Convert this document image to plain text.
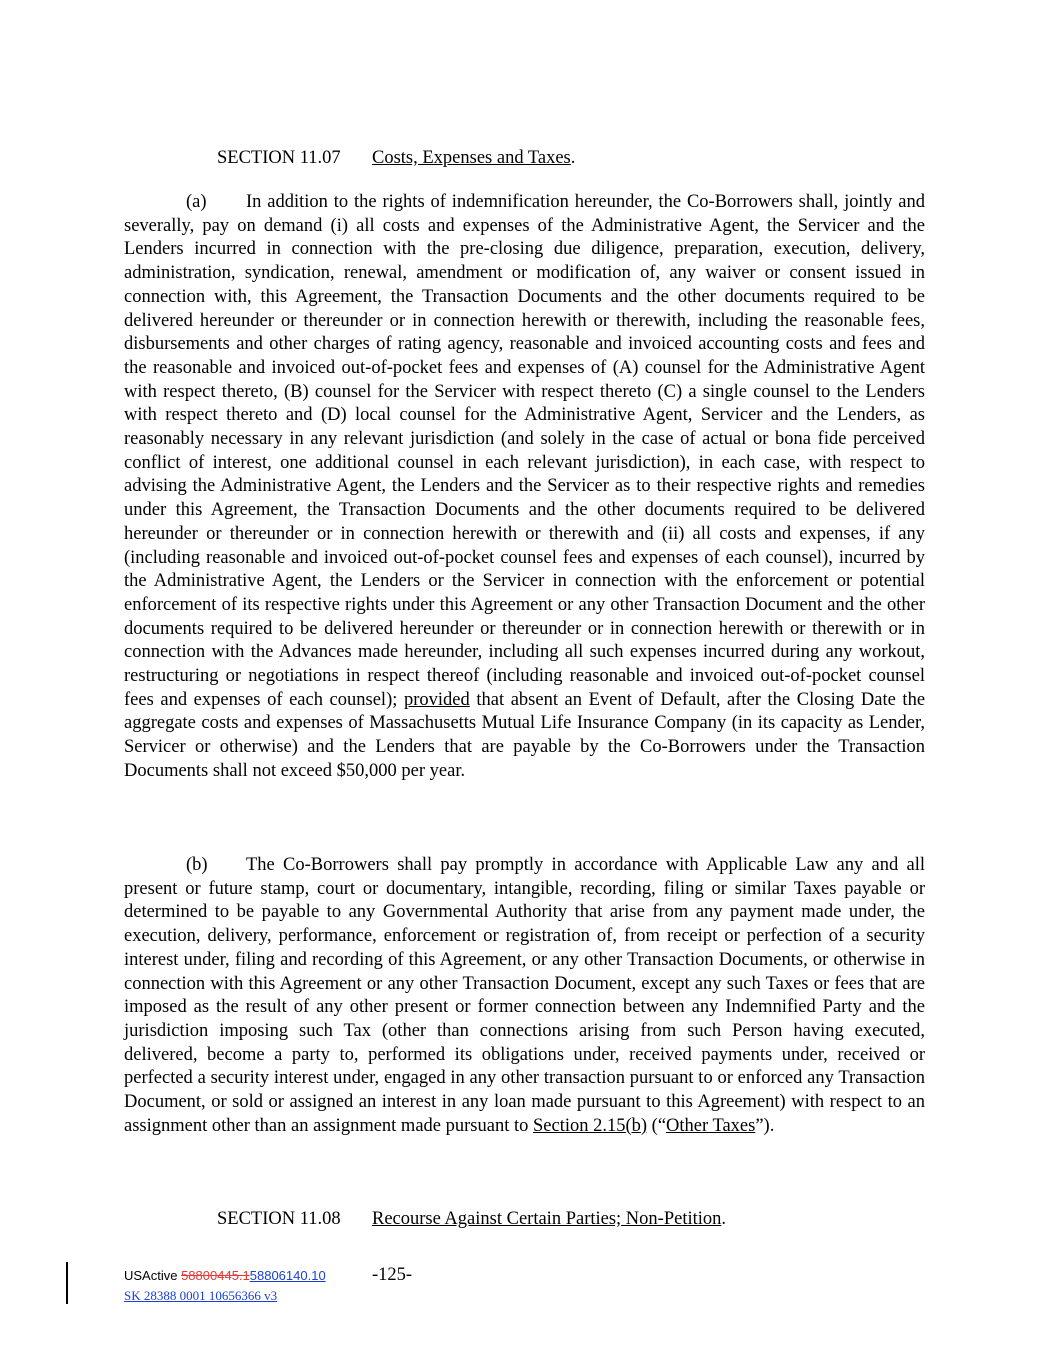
SECTION 11.07 Costs, Expenses and Taxes.
(a) In addition to the rights of indemnification hereunder, the Co-Borrowers shall, jointly and severally, pay on demand (i) all costs and expenses of the Administrative Agent, the Servicer and the Lenders incurred in connection with the pre-closing due diligence, preparation, execution, delivery, administration, syndication, renewal, amendment or modification of, any waiver or consent issued in connection with, this Agreement, the Transaction Documents and the other documents required to be delivered hereunder or thereunder or in connection herewith or therewith, including the reasonable fees, disbursements and other charges of rating agency, reasonable and invoiced accounting costs and fees and the reasonable and invoiced out-of-pocket fees and expenses of (A) counsel for the Administrative Agent with respect thereto, (B) counsel for the Servicer with respect thereto (C) a single counsel to the Lenders with respect thereto and (D) local counsel for the Administrative Agent, Servicer and the Lenders, as reasonably necessary in any relevant jurisdiction (and solely in the case of actual or bona fide perceived conflict of interest, one additional counsel in each relevant jurisdiction), in each case, with respect to advising the Administrative Agent, the Lenders and the Servicer as to their respective rights and remedies under this Agreement, the Transaction Documents and the other documents required to be delivered hereunder or thereunder or in connection herewith or therewith and (ii) all costs and expenses, if any (including reasonable and invoiced out-of-pocket counsel fees and expenses of each counsel), incurred by the Administrative Agent, the Lenders or the Servicer in connection with the enforcement or potential enforcement of its respective rights under this Agreement or any other Transaction Document and the other documents required to be delivered hereunder or thereunder or in connection herewith or therewith or in connection with the Advances made hereunder, including all such expenses incurred during any workout, restructuring or negotiations in respect thereof (including reasonable and invoiced out-of-pocket counsel fees and expenses of each counsel); provided that absent an Event of Default, after the Closing Date the aggregate costs and expenses of Massachusetts Mutual Life Insurance Company (in its capacity as Lender, Servicer or otherwise) and the Lenders that are payable by the Co-Borrowers under the Transaction Documents shall not exceed $50,000 per year.
(b) The Co-Borrowers shall pay promptly in accordance with Applicable Law any and all present or future stamp, court or documentary, intangible, recording, filing or similar Taxes payable or determined to be payable to any Governmental Authority that arise from any payment made under, the execution, delivery, performance, enforcement or registration of, from receipt or perfection of a security interest under, filing and recording of this Agreement, or any other Transaction Documents, or otherwise in connection with this Agreement or any other Transaction Document, except any such Taxes or fees that are imposed as the result of any other present or former connection between any Indemnified Party and the jurisdiction imposing such Tax (other than connections arising from such Person having executed, delivered, become a party to, performed its obligations under, received payments under, received or perfected a security interest under, engaged in any other transaction pursuant to or enforced any Transaction Document, or sold or assigned an interest in any loan made pursuant to this Agreement) with respect to an assignment other than an assignment made pursuant to Section 2.15(b) (“Other Taxes”).
SECTION 11.08 Recourse Against Certain Parties; Non-Petition.
USActive 58800445.158806140.10	-125-
SK 28388 0001 10656366 v3
